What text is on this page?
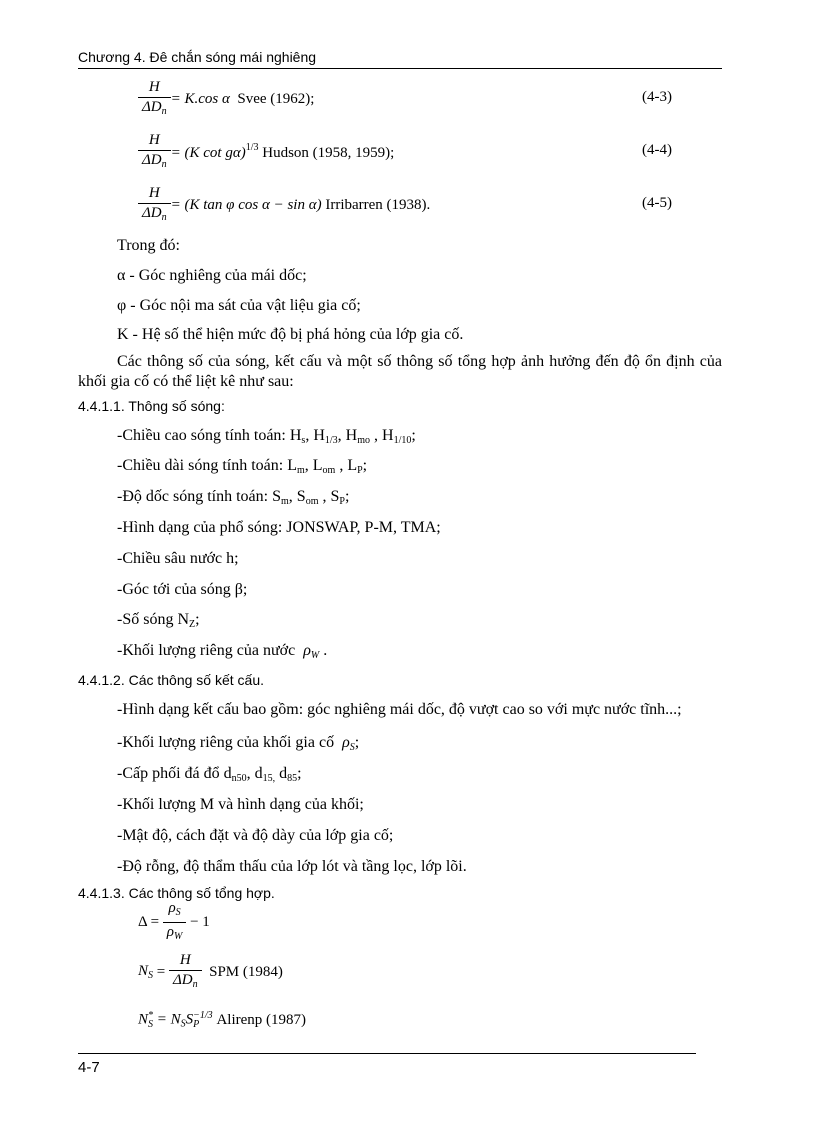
Chương 4. Đê chắn sóng mái nghiêng
$\frac{H}{\Delta D_n} = K.\cos$ α Svee (1962);	(4-3)
$\frac{H}{\Delta D_n} = (K$ cot gα)$^{1/3}$ Hudson (1958, 1959);	(4-4)
$\frac{H}{\Delta D_n} = (K$ tan φ cos α − sin α) Irribarren (1938).	(4-5)
Trong đó:
α - Góc nghiêng của mái dốc;
φ - Góc nội ma sát của vật liệu gia cố;
K - Hệ số thể hiện mức độ bị phá hỏng của lớp gia cố.
Các thông số của sóng, kết cấu và một số thông số tổng hợp ảnh hưởng đến độ ổn định của khối gia cố có thể liệt kê như sau:
4.4.1.1. Thông số sóng:
-Chiều cao sóng tính toán: $H_s$, $H_{1/3}$, $H_{mo}$ , $H_{1/10}$;
-Chiều dài sóng tính toán: $L_m$, $L_{om}$ , $L_P$;
-Độ dốc sóng tính toán: $S_m$, $S_{om}$ , $S_P$;
-Hình dạng của phổ sóng: JONSWAP, P-M, TMA;
-Chiều sâu nước h;
-Góc tới của sóng β;
-Số sóng $N_Z$;
-Khối lượng riêng của nước  $\rho_W$ .
4.4.1.2. Các thông số kết cấu.
-Hình dạng kết cấu bao gồm: góc nghiêng mái dốc, độ vượt cao so với mực nước tĩnh...;
-Khối lượng riêng của khối gia cố  $\rho_S$;
-Cấp phối đá đổ $d_{n50}$, $d_{15,}$ $d_{85}$;
-Khối lượng M và hình dạng của khối;
-Mật độ, cách đặt và độ dày của lớp gia cố;
-Độ rỗng, độ thẩm thấu của lớp lót và tầng lọc, lớp lõi.
4.4.1.3. Các thông số tổng hợp.
Δ =
$\frac{\rho_S}{\rho_W}$
− 1
$N_S$
=
$\frac{H}{\Delta D_n}$
SPM (1984)
N *
S
= $N_SS -1/3$
P
	Alirenp (1987)
4-7
